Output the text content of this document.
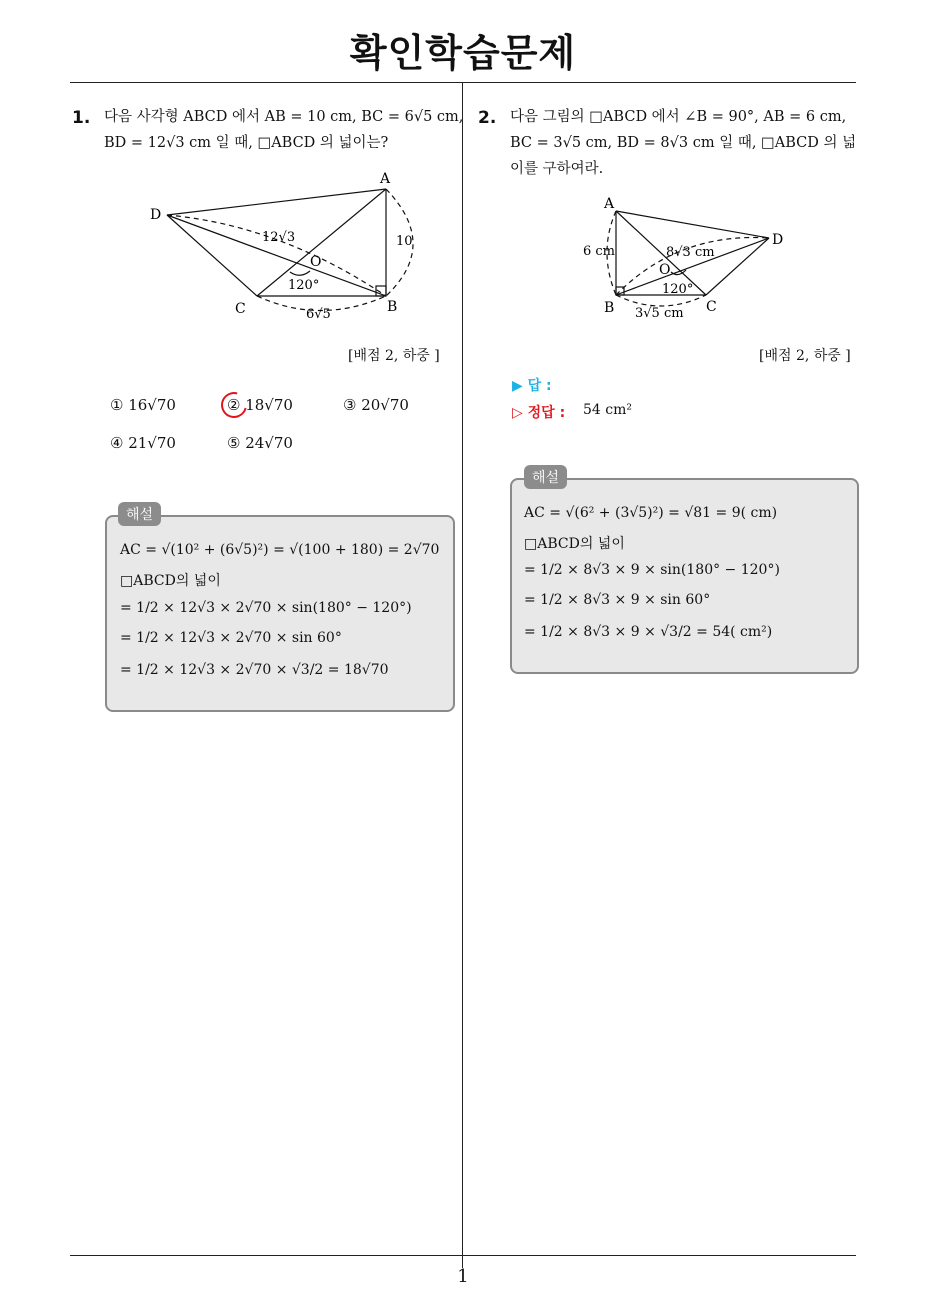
확인학습문제
1. 다음 사각형 ABCD 에서 AB = 10 cm, BC = 6√5 cm,
BD = 12√3 cm 일 때, □ABCD 의 넓이는?
A
D
C	B
O
12√3	10
6√5
120°
[배점 2, 하중 ]
① 16√70	② 18√70	③ 20√70
④ 21√70	⑤ 24√70
해설
AC = √(10² + (6√5)²) = √(100 + 180) = 2√70
□ABCD의 넓이
= 1/2 × 12√3 × 2√70 × sin(180° − 120°)
= 1/2 × 12√3 × 2√70 × sin 60°
= 1/2 × 12√3 × 2√70 × √3/2 = 18√70
2. 다음 그림의 □ABCD 에서 ∠B = 90°, AB = 6 cm,
BC = 3√5 cm, BD = 8√3 cm 일 때, □ABCD 의 넓
이를 구하여라.
A
D
B	C
O
6 cm	8√3 cm
3√5 cm
120°
[배점 2, 하중 ]
▶ 답 :
▷ 정답 : 54 cm²
해설
AC = √(6² + (3√5)²) = √81 = 9( cm)
□ABCD의 넓이
= 1/2 × 8√3 × 9 × sin(180° − 120°)
= 1/2 × 8√3 × 9 × sin 60°
= 1/2 × 8√3 × 9 × √3/2 = 54( cm²)
1
